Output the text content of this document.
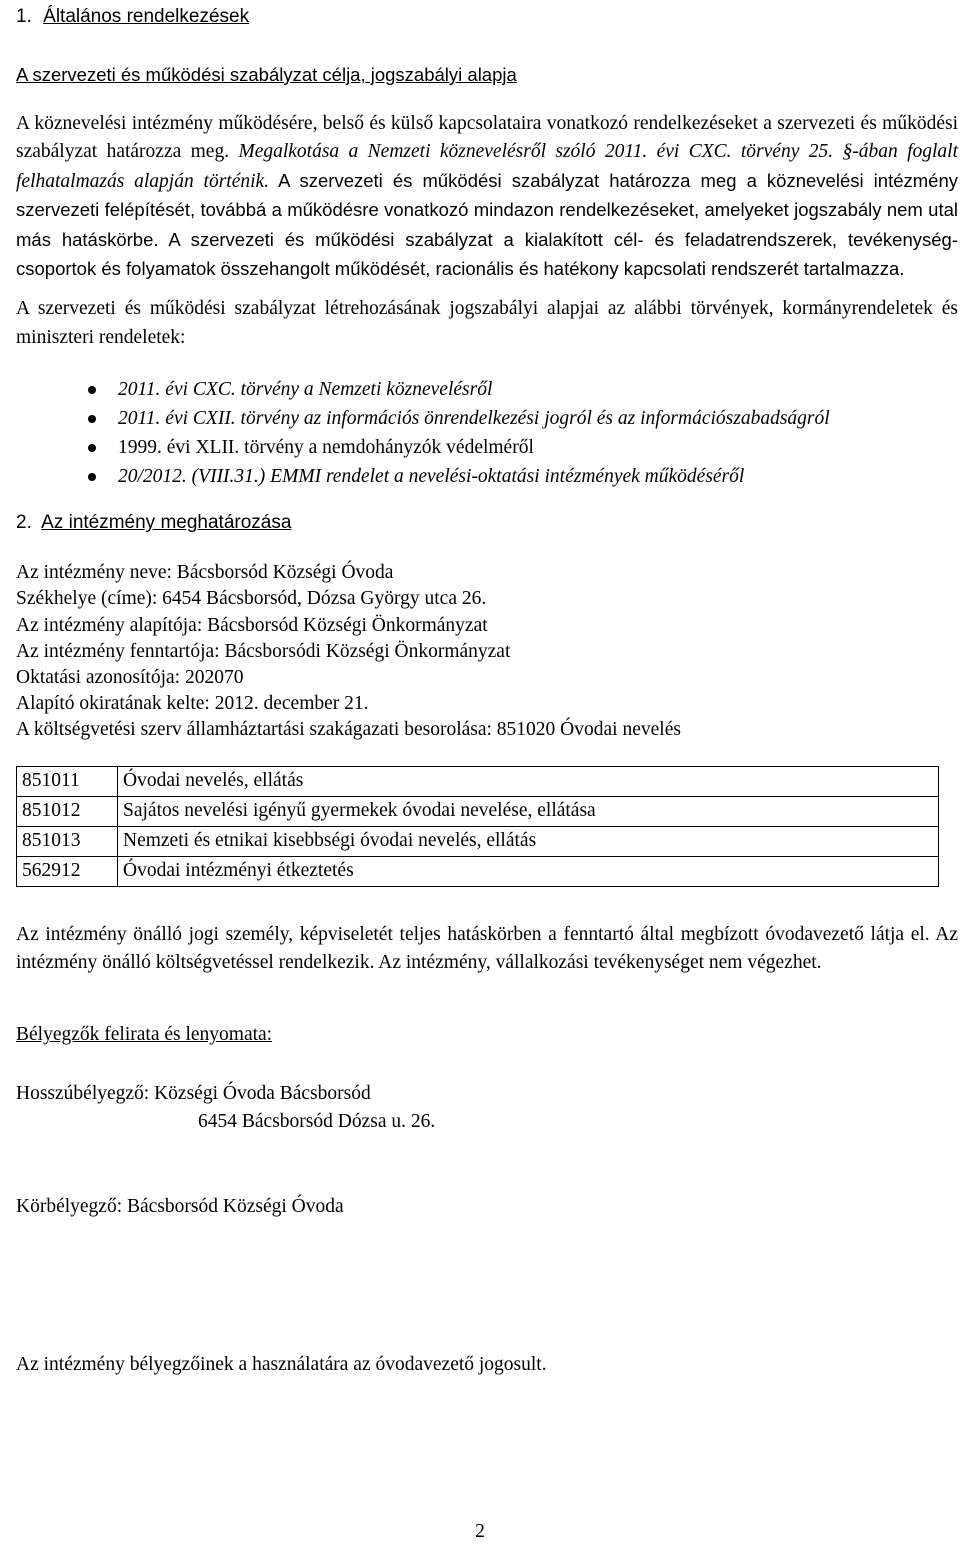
1. Általános rendelkezések
A szervezeti és működési szabályzat célja, jogszabályi alapja

A köznevelési intézmény működésére, belső és külső kapcsolataira vonatkozó rendelkezéseket a szervezeti és működési szabályzat határozza meg. Megalkotása a Nemzeti köznevelésről szóló 2011. évi CXC. törvény 25. §-ában foglalt felhatalmazás alapján történik. A szervezeti és működési szabályzat határozza meg a köznevelési intézmény szervezeti felépítését, továbbá a működésre vonatkozó mindazon rendelkezéseket, amelyeket jogszabály nem utal más hatáskörbe. A szervezeti és működési szabályzat a kialakított cél- és feladatrendszerek, tevékenység-csoportok és folyamatok összehangolt működését, racionális és hatékony kapcsolati rendszerét tartalmazza.

A szervezeti és működési szabályzat létrehozásának jogszabályi alapjai az alábbi törvények, kormányrendeletek és miniszteri rendeletek:

2011. évi CXC. törvény a Nemzeti köznevelésről
2011. évi CXII. törvény az információs önrendelkezési jogról és az információszabadságról
1999. évi XLII. törvény a nemdohányzók védelméről
20/2012. (VIII.31.) EMMI rendelet a nevelési-oktatási intézmények működéséről
2. Az intézmény meghatározása
Az intézmény neve: Bácsborsód Községi Óvoda
Székhelye (címe): 6454 Bácsborsód, Dózsa György utca 26.
Az intézmény alapítója: Bácsborsód Községi Önkormányzat
Az intézmény fenntartója: Bácsborsódi Községi Önkormányzat
Oktatási azonosítója: 202070
Alapító okiratának kelte: 2012. december 21.
A költségvetési szerv államháztartási szakágazati besorolása: 851020 Óvodai nevelés
851011	Óvodai nevelés, ellátás
851012	Sajátos nevelési igényű gyermekek óvodai nevelése, ellátása
851013	Nemzeti és etnikai kisebbségi óvodai nevelés, ellátás
562912	Óvodai intézményi étkeztetés

Az intézmény önálló jogi személy, képviseletét teljes hatáskörben a fenntartó által megbízott óvodavezető látja el. Az intézmény önálló költségvetéssel rendelkezik. Az intézmény, vállalkozási tevékenységet nem végezhet.

Bélyegzők felirata és lenyomata:
Hosszúbélyegző: Községi Óvoda Bácsborsód
6454 Bácsborsód Dózsa u. 26.
Körbélyegző: Bácsborsód Községi Óvoda
Az intézmény bélyegzőinek a használatára az óvodavezető jogosult.
2
